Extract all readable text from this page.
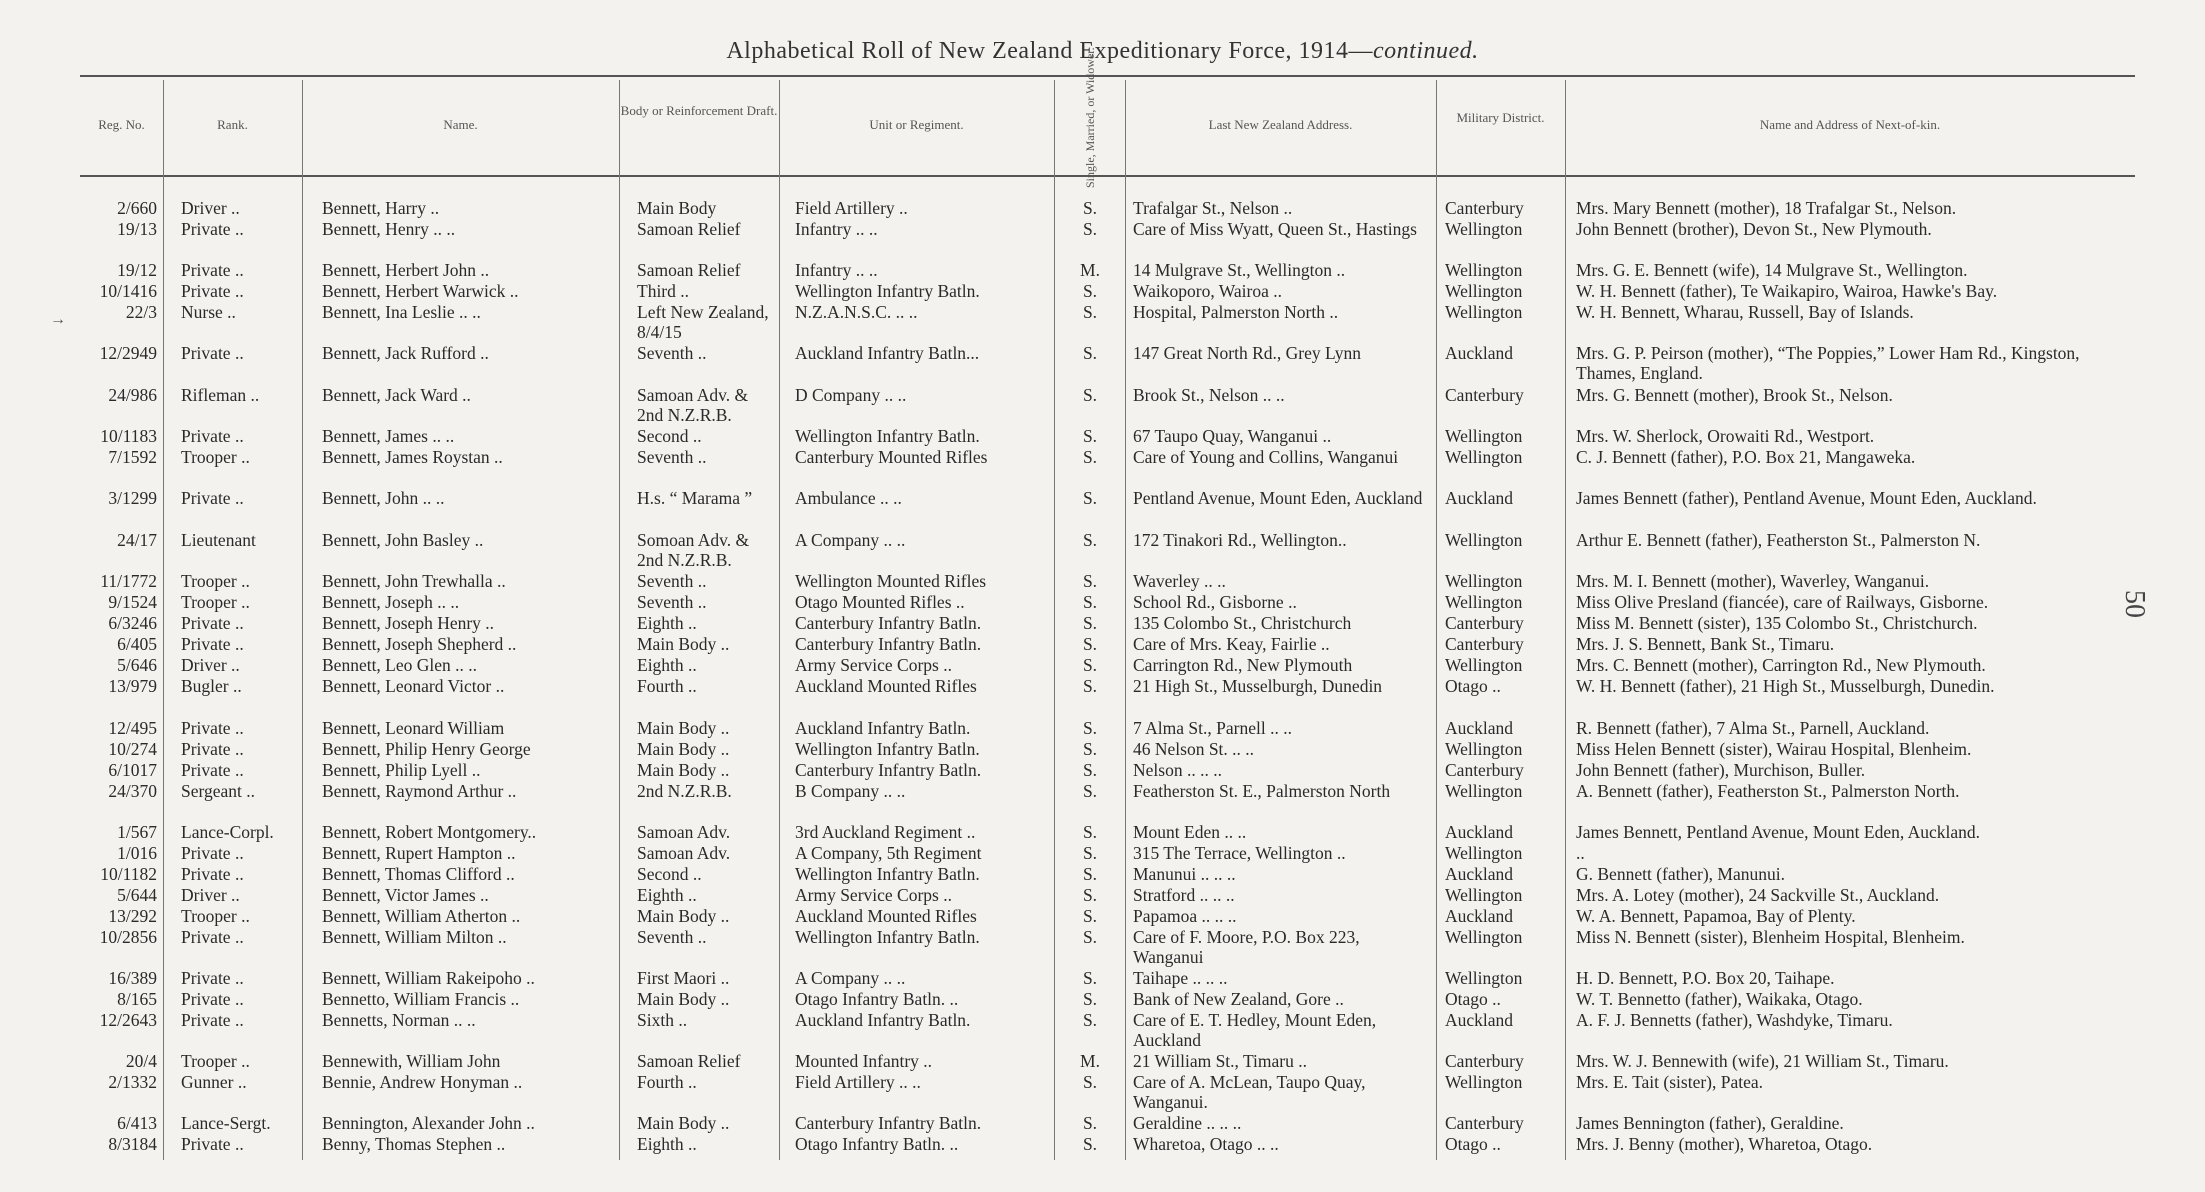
Alphabetical Roll of New Zealand Expeditionary Force, 1914—continued.
Reg. No.	Rank.	Name.
Body or Reinforcement Draft.
Unit or Regiment.	Single, Married, or Widower.	Last New Zealand Address.	Military District.	Name and Address of Next-of-kin.
→
50
2/660 Driver ..	Bennett, Harry ..	Main Body	Field Artillery ..	S.	Trafalgar St., Nelson ..	Canterbury	Mrs. Mary Bennett (mother), 18 Trafalgar St., Nelson.
19/13 Private ..	Bennett, Henry .. ..	Samoan Relief	Infantry .. ..	S.	Care of Miss Wyatt, Queen St., Hastings	Wellington	John Bennett (brother), Devon St., New Plymouth.
19/12 Private ..	Bennett, Herbert John ..	Samoan Relief	Infantry .. ..	M.	14 Mulgrave St., Wellington ..	Wellington	Mrs. G. E. Bennett (wife), 14 Mulgrave St., Wellington.
10/1416 Private ..	Bennett, Herbert Warwick ..	Third ..	Wellington Infantry Batln.	S.	Waikoporo, Wairoa ..	Wellington	W. H. Bennett (father), Te Waikapiro, Wairoa, Hawke's Bay.
22/3 Nurse ..	Bennett, Ina Leslie .. ..	Left New Zealand, 8/4/15
N.Z.A.N.S.C. .. ..	S.	Hospital, Palmerston North ..	Wellington	W. H. Bennett, Wharau, Russell, Bay of Islands.
12/2949 Private ..	Bennett, Jack Rufford ..	Seventh ..	Auckland Infantry Batln...	S.	147 Great North Rd., Grey Lynn	Auckland	Mrs. G. P. Peirson (mother), “The Poppies,” Lower Ham Rd., Kingston, Thames, England.
24/986 Rifleman ..	Bennett, Jack Ward ..	Samoan Adv. & 2nd N.Z.R.B.
D Company .. ..	S.	Brook St., Nelson .. ..	Canterbury	Mrs. G. Bennett (mother), Brook St., Nelson.
10/1183 Private ..	Bennett, James .. ..	Second ..	Wellington Infantry Batln.	S.	67 Taupo Quay, Wanganui ..	Wellington	Mrs. W. Sherlock, Orowaiti Rd., Westport.
7/1592 Trooper ..	Bennett, James Roystan ..	Seventh ..	Canterbury Mounted Rifles	S.	Care of Young and Collins, Wanganui	Wellington	C. J. Bennett (father), P.O. Box 21, Mangaweka.
3/1299 Private ..	Bennett, John .. ..	H.s. “ Marama ”	Ambulance .. ..	S.	Pentland Avenue, Mount Eden, Auckland	Auckland	James Bennett (father), Pentland Avenue, Mount Eden, Auckland.
24/17 Lieutenant	Bennett, John Basley ..	Somoan Adv. & 2nd N.Z.R.B.
A Company .. ..	S.	172 Tinakori Rd., Wellington..	Wellington	Arthur E. Bennett (father), Featherston St., Palmerston N.
11/1772 Trooper ..	Bennett, John Trewhalla ..	Seventh ..	Wellington Mounted Rifles	S.	Waverley .. ..	Wellington	Mrs. M. I. Bennett (mother), Waverley, Wanganui.
9/1524 Trooper ..	Bennett, Joseph .. ..	Seventh ..	Otago Mounted Rifles ..	S.	School Rd., Gisborne ..	Wellington	Miss Olive Presland (fiancée), care of Railways, Gisborne.
6/3246 Private ..	Bennett, Joseph Henry ..	Eighth ..	Canterbury Infantry Batln.	S.	135 Colombo St., Christchurch	Canterbury	Miss M. Bennett (sister), 135 Colombo St., Christchurch.
6/405 Private ..	Bennett, Joseph Shepherd ..	Main Body ..	Canterbury Infantry Batln.	S.	Care of Mrs. Keay, Fairlie ..	Canterbury	Mrs. J. S. Bennett, Bank St., Timaru.
5/646 Driver ..	Bennett, Leo Glen .. ..	Eighth ..	Army Service Corps ..	S.	Carrington Rd., New Plymouth	Wellington	Mrs. C. Bennett (mother), Carrington Rd., New Plymouth.
13/979 Bugler ..	Bennett, Leonard Victor ..	Fourth ..	Auckland Mounted Rifles	S.	21 High St., Musselburgh, Dunedin	Otago ..	W. H. Bennett (father), 21 High St., Musselburgh, Dunedin.
12/495 Private ..	Bennett, Leonard William	Main Body ..	Auckland Infantry Batln.	S.	7 Alma St., Parnell .. ..	Auckland	R. Bennett (father), 7 Alma St., Parnell, Auckland.
10/274 Private ..	Bennett, Philip Henry George	Main Body ..	Wellington Infantry Batln.	S.	46 Nelson St. .. ..	Wellington	Miss Helen Bennett (sister), Wairau Hospital, Blenheim.
6/1017 Private ..	Bennett, Philip Lyell ..	Main Body ..	Canterbury Infantry Batln.	S.	Nelson .. .. ..	Canterbury	John Bennett (father), Murchison, Buller.
24/370 Sergeant ..	Bennett, Raymond Arthur ..	2nd N.Z.R.B.	B Company .. ..	S.	Featherston St. E., Palmerston North	Wellington	A. Bennett (father), Featherston St., Palmerston North.
1/567 Lance-Corpl.	Bennett, Robert Montgomery..	Samoan Adv.	3rd Auckland Regiment ..	S.	Mount Eden .. ..	Auckland	James Bennett, Pentland Avenue, Mount Eden, Auckland.
1/016 Private ..	Bennett, Rupert Hampton ..	Samoan Adv.	A Company, 5th Regiment	S.	315 The Terrace, Wellington ..	Wellington	..
10/1182 Private ..	Bennett, Thomas Clifford ..	Second ..	Wellington Infantry Batln.	S.	Manunui .. .. ..	Auckland	G. Bennett (father), Manunui.
5/644 Driver ..	Bennett, Victor James ..	Eighth ..	Army Service Corps ..	S.	Stratford .. .. ..	Wellington	Mrs. A. Lotey (mother), 24 Sackville St., Auckland.
13/292 Trooper ..	Bennett, William Atherton ..	Main Body ..	Auckland Mounted Rifles	S.	Papamoa .. .. ..	Auckland	W. A. Bennett, Papamoa, Bay of Plenty.
10/2856 Private ..	Bennett, William Milton ..	Seventh ..	Wellington Infantry Batln.	S.	Care of F. Moore, P.O. Box 223, Wanganui
Wellington	Miss N. Bennett (sister), Blenheim Hospital, Blenheim.
16/389 Private ..	Bennett, William Rakeipoho ..	First Maori ..	A Company .. ..	S.	Taihape .. .. ..	Wellington	H. D. Bennett, P.O. Box 20, Taihape.
8/165 Private ..	Bennetto, William Francis ..	Main Body ..	Otago Infantry Batln. ..	S.	Bank of New Zealand, Gore ..	Otago ..	W. T. Bennetto (father), Waikaka, Otago.
12/2643 Private ..	Bennetts, Norman .. ..	Sixth ..	Auckland Infantry Batln.	S.	Care of E. T. Hedley, Mount Eden, Auckland
Auckland	A. F. J. Bennetts (father), Washdyke, Timaru.
20/4 Trooper ..	Bennewith, William John	Samoan Relief	Mounted Infantry ..	M.	21 William St., Timaru ..	Canterbury	Mrs. W. J. Bennewith (wife), 21 William St., Timaru.
2/1332 Gunner ..	Bennie, Andrew Honyman ..	Fourth ..	Field Artillery .. ..	S.	Care of A. McLean, Taupo Quay, Wanganui.
Wellington	Mrs. E. Tait (sister), Patea.
6/413 Lance-Sergt.	Bennington, Alexander John ..	Main Body ..	Canterbury Infantry Batln.	S.	Geraldine .. .. ..	Canterbury	James Bennington (father), Geraldine.
8/3184 Private ..	Benny, Thomas Stephen ..	Eighth ..	Otago Infantry Batln. ..	S.	Wharetoa, Otago .. ..	Otago ..	Mrs. J. Benny (mother), Wharetoa, Otago.
